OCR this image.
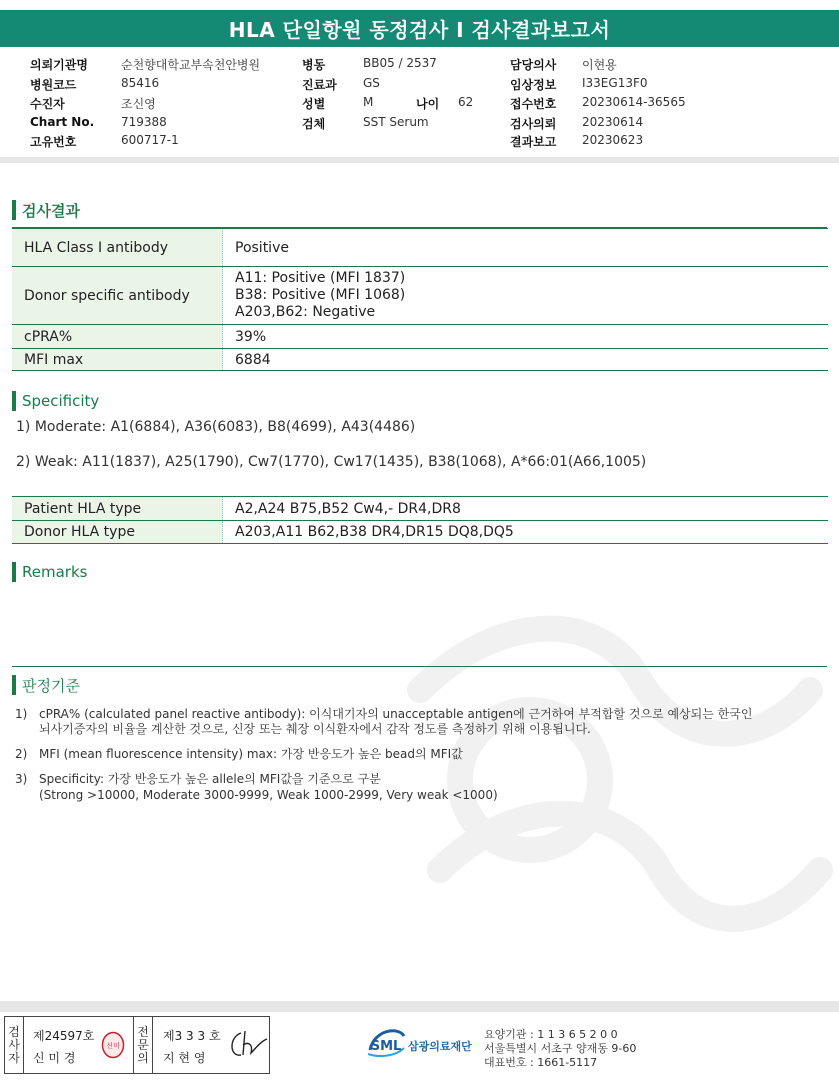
HLA 단일항원 동정검사 I 검사결과보고서
의뢰기관명	순천향대학교부속천안병원
병원코드	85416
수진자	조신영
Chart No. 719388
고유번호	600717-1
병동	BB05 / 2537
진료과 GS
성별	M	나이 62
검체	SST Serum
담당의사 이현용
임상정보 I33EG13F0
접수번호 20230614-36565
검사의뢰 20230614
결과보고 20230623
검사결과
HLA Class I antibody	Positive
Donor specific antibody	A11: Positive (MFI 1837)
B38: Positive (MFI 1068)
A203,B62: Negative

cPRA%	39%
MFI max	6884
Specificity
1) Moderate: A1(6884), A36(6083), B8(4699), A43(4486)
2) Weak: A11(1837), A25(1790), Cw7(1770), Cw17(1435), B38(1068), A*66:01(A66,1005)
Patient HLA type	A2,A24 B75,B52 Cw4,- DR4,DR8
Donor HLA type	A203,A11 B62,B38 DR4,DR15 DQ8,DQ5
Remarks
판정기준
1) cPRA% (calculated panel reactive antibody): 이식대기자의 unacceptable antigen에 근거하여 부적합할 것으로 예상되는 한국인
뇌사기증자의 비율을 계산한 것으로, 신장 또는 췌장 이식환자에서 감작 정도를 측정하기 위해 이용됩니다.
2) MFI (mean fluorescence intensity) max: 가장 반응도가 높은 bead의 MFI값
3) Specificity: 가장 반응도가 높은 allele의 MFI값을 기준으로 구분
(Strong >10000, Moderate 3000-9999, Weak 1000-2999, Very weak <1000)
검
사
자
제24597호
신 미 경
신미
전
문
의
제3 3 3 호
지 현 영
SML 삼광의료재단
요양기관 : 1 1 3 6 5 2 0 0
서울특별시 서초구 양재동 9-60
대표번호 : 1661-5117
